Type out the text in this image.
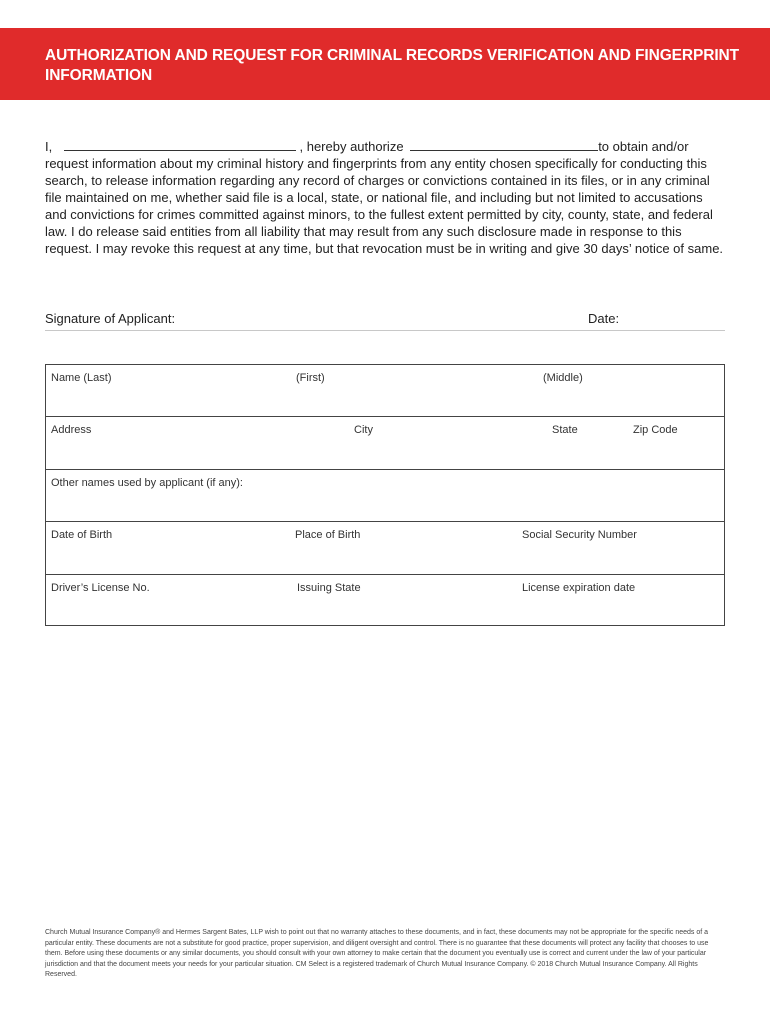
AUTHORIZATION AND REQUEST FOR CRIMINAL RECORDS VERIFICATION AND FINGERPRINT INFORMATION
I,	, hereby authorize	to obtain and/or request information about my criminal history and fingerprints from any entity chosen specifically for conducting this search, to release information regarding any record of charges or convictions contained in its files, or in any criminal file maintained on me, whether said file is a local, state, or national file, and including but not limited to accusations and convictions for crimes committed against minors, to the fullest extent permitted by city, county, state, and federal law. I do release said entities from all liability that may result from any such disclosure made in response to this request. I may revoke this request at any time, but that revocation must be in writing and give 30 days’ notice of same.
Signature of Applicant:	Date:
Name (Last)	(First)	(Middle)
Address	City	State	Zip Code
Other names used by applicant (if any):
Date of Birth	Place of Birth	Social Security Number
Driver’s License No.	Issuing State	License expiration date
Church Mutual Insurance Company® and Hermes Sargent Bates, LLP wish to point out that no warranty attaches to these documents, and in fact, these documents may not be appropriate for the specific needs of a particular entity. These documents are not a substitute for good practice, proper supervision, and diligent oversight and control. There is no guarantee that these documents will protect any facility that chooses to use them. Before using these documents or any similar documents, you should consult with your own attorney to make certain that the document you eventually use is correct and current under the law of your particular jurisdiction and that the document meets your needs for your particular situation. CM Select is a registered trademark of Church Mutual Insurance Company. © 2018 Church Mutual Insurance Company. All Rights Reserved.
